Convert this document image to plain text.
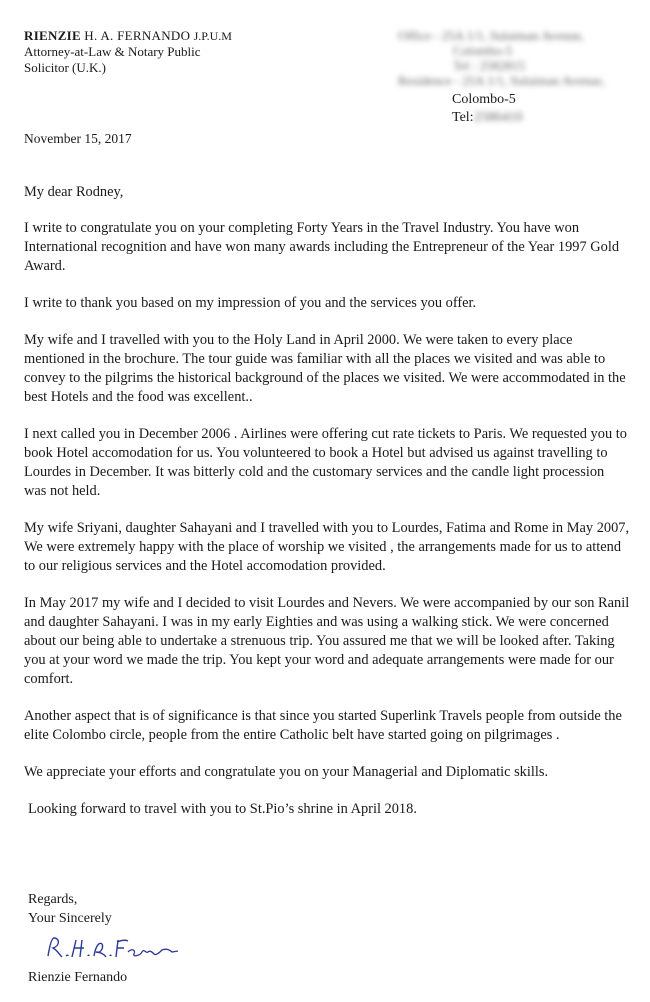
RIENZIE H. A. FERNANDO J.P.U.M
Attorney-at-Law & Notary Public
Solicitor (U.K.)
Office - 25A 1/1, Sulaiman Avenue,
Colombo-5
Tel : 2582815
Residence - 25A 1/1, Sulaiman Avenue,
Colombo-5
Tel:2586410
November 15, 2017

My dear Rodney,

I write to congratulate you on your completing Forty Years in the Travel Industry. You have won International recognition and have won many awards including the Entrepreneur of the Year 1997 Gold Award.

I write to thank you based on my impression of you and the services you offer.

My wife and I travelled with you to the Holy Land in April 2000. We were taken to every place mentioned in the brochure. The tour guide was familiar with all the places we visited and was able to convey to the pilgrims the historical background of the places we visited. We were accommodated in the best Hotels and the food was excellent..

I next called you in December 2006 . Airlines were offering cut rate tickets to Paris. We requested you to book Hotel accomodation for us. You volunteered to book a Hotel but advised us against travelling to Lourdes in December. It was bitterly cold and the customary services and the candle light procession was not held.

My wife Sriyani, daughter Sahayani and I travelled with you to Lourdes, Fatima and Rome in May 2007, We were extremely happy with the place of worship we visited , the arrangements made for us to attend to our religious services and the Hotel accomodation provided.

In May 2017 my wife and I decided to visit Lourdes and Nevers. We were accompanied by our son Ranil and daughter Sahayani. I was in my early Eighties and was using a walking stick. We were concerned about our being able to undertake a strenuous trip. You assured me that we will be looked after. Taking you at your word we made the trip. You kept your word and adequate arrangements were made for our comfort.

Another aspect that is of significance is that since you started Superlink Travels people from outside the elite Colombo circle, people from the entire Catholic belt have started going on pilgrimages .

We appreciate your efforts and congratulate you on your Managerial and Diplomatic skills.

Looking forward to travel with you to St.Pio’s shrine in April 2018.

Regards,
Your Sincerely
R.H.A.Fernando
Rienzie Fernando
